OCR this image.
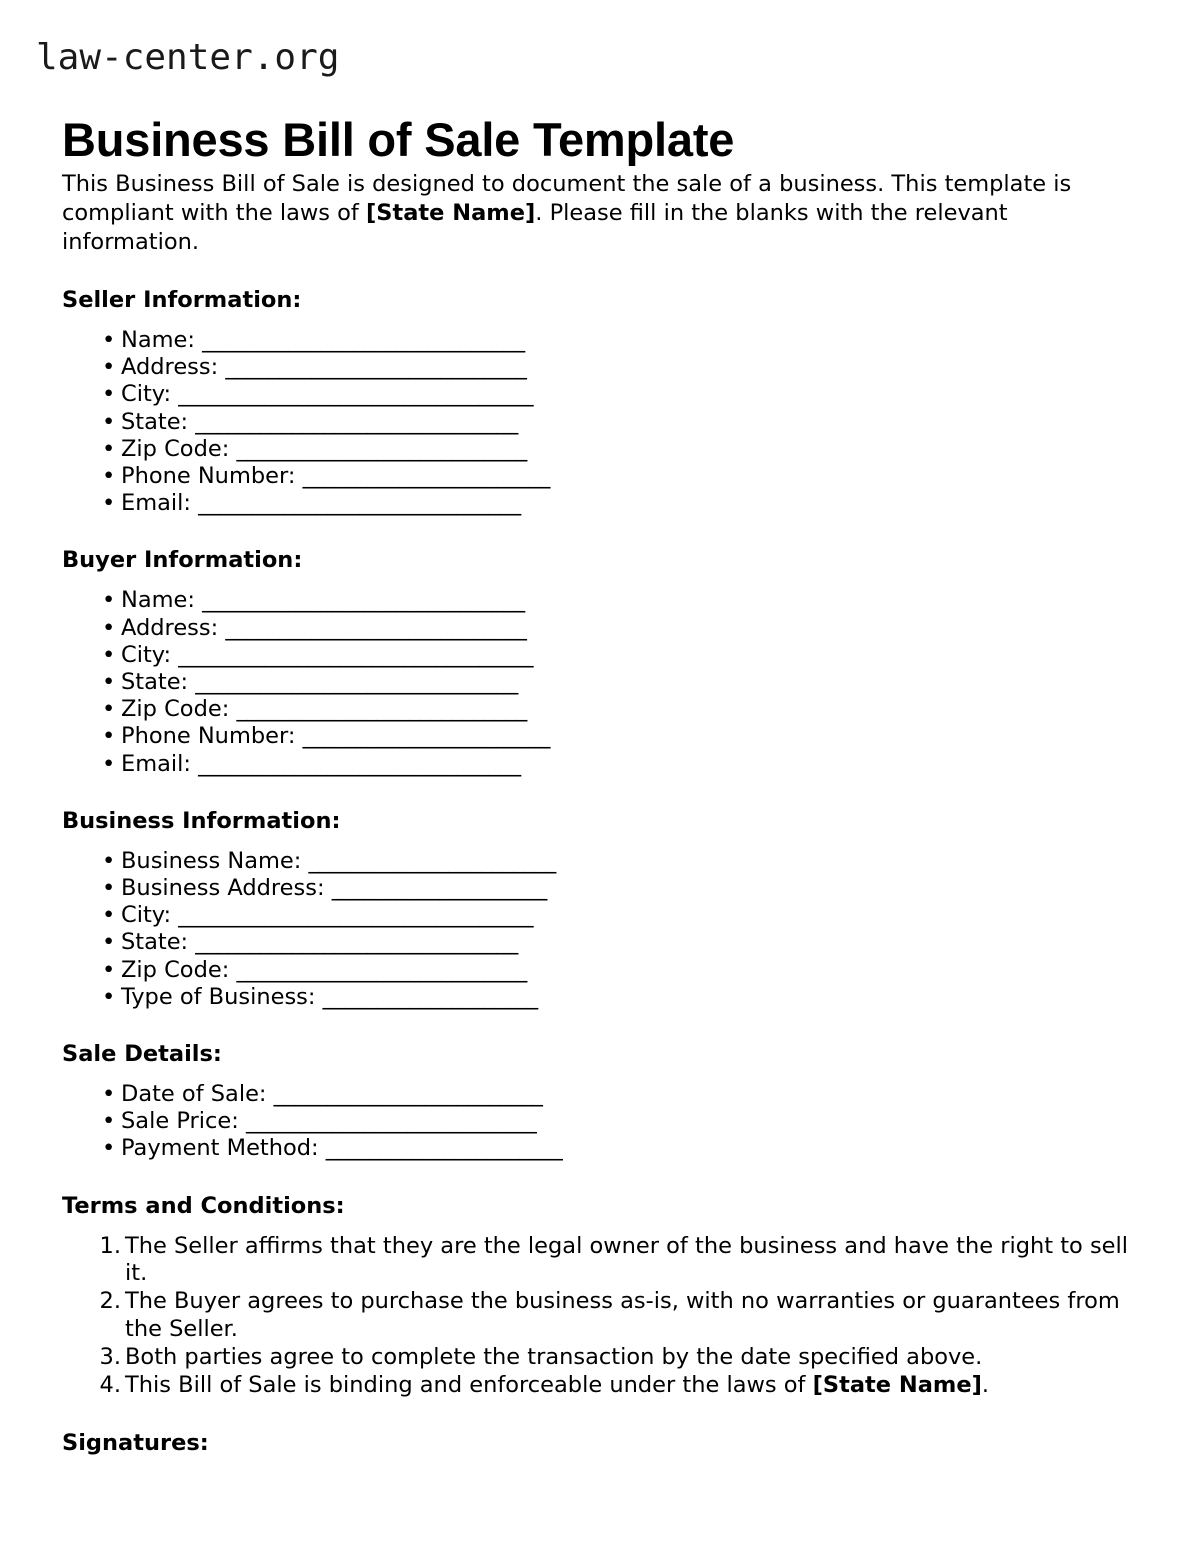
law-center.org
Business Bill of Sale Template

This Business Bill of Sale is designed to document the sale of a business. This template is compliant with the laws of [State Name]. Please fill in the blanks with the relevant information.

Seller Information:
• Name: ______________________________
• Address: ____________________________
• City: _________________________________
• State: ______________________________
• Zip Code: ___________________________
• Phone Number: _______________________
• Email: ______________________________
Buyer Information:
• Name: ______________________________
• Address: ____________________________
• City: _________________________________
• State: ______________________________
• Zip Code: ___________________________
• Phone Number: _______________________
• Email: ______________________________
Business Information:
• Business Name: _______________________
• Business Address: ____________________
• City: _________________________________
• State: ______________________________
• Zip Code: ___________________________
• Type of Business: ____________________
Sale Details:
• Date of Sale: _________________________
• Sale Price: ___________________________
• Payment Method: ______________________
Terms and Conditions:
The Seller affirms that they are the legal owner of the business and have the right to sell it.
The Buyer agrees to purchase the business as-is, with no warranties or guarantees from the Seller.
Both parties agree to complete the transaction by the date specified above.
This Bill of Sale is binding and enforceable under the laws of [State Name].
Signatures:
